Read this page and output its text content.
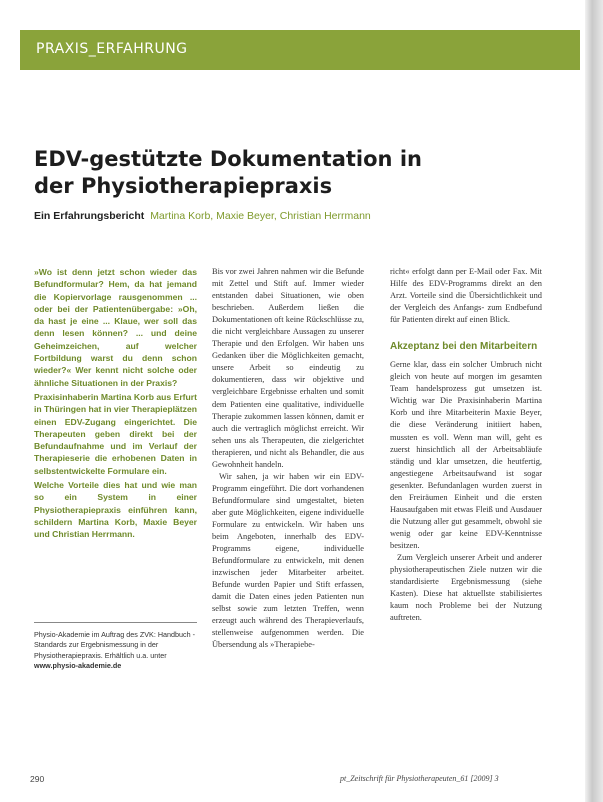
PRAXIS_ERFAHRUNG
EDV-gestützte Dokumentation in
der Physiotherapiepraxis
Ein Erfahrungsbericht Martina Korb, Maxie Beyer, Christian Herrmann

»Wo ist denn jetzt schon wieder das Befundformular? Hem, da hat jemand die Kopiervorlage rausgenommen ... oder bei der Patientenübergabe: »Oh, da hast je eine ... Klaue, wer soll das denn lesen können? ... und deine Geheimzeichen, auf welcher Fortbildung warst du denn schon wieder?« Wer kennt nicht solche oder ähnliche Situationen in der Praxis?

Praxisinhaberin Martina Korb aus Erfurt in Thüringen hat in vier Therapieplätzen einen EDV-Zugang eingerichtet. Die Therapeuten geben direkt bei der Befundaufnahme und im Verlauf der Therapieserie die erhobenen Daten in selbstentwickelte Formulare ein.

Welche Vorteile dies hat und wie man so ein System in einer Physiotherapiepraxis einführen kann, schildern Martina Korb, Maxie Beyer und Christian Herrmann.

Physio-Akademie im Auftrag des ZVK: Handbuch - Standards zur Ergebnismessung in der Physiotherapiepraxis. Erhältlich u.a. unter
www.physio-akademie.de

Bis vor zwei Jahren nahmen wir die Befunde mit Zettel und Stift auf. Immer wieder entstanden dabei Situationen, wie oben beschrieben. Außerdem ließen die Dokumentationen oft keine Rückschlüsse zu, die nicht vergleichbare Aussagen zu unserer Therapie und den Erfolgen. Wir haben uns Gedanken über die Möglichkeiten gemacht, unsere Arbeit so eindeutig zu dokumentieren, dass wir objektive und vergleichbare Ergebnisse erhalten und somit dem Patienten eine qualitative, individuelle Therapie zukommen lassen können, damit er auch die vertraglich möglichst erreicht. Wir sehen uns als Therapeuten, die zielgerichtet therapieren, und nicht als Behandler, die aus Gewohnheit handeln.

Wir sahen, ja wir haben wir ein EDV-Programm eingeführt. Die dort vorhandenen Befundformulare sind umgestaltet, bieten aber gute Möglichkeiten, eigene individuelle Formulare zu entwickeln. Wir haben uns beim Angeboten, innerhalb des EDV-Programms eigene, individuelle Befundformulare zu entwickeln, mit denen inzwischen jeder Mitarbeiter arbeitet. Befunde wurden Papier und Stift erfassen, damit die Daten eines jeden Patienten nun selbst sowie zum letzten Treffen, wenn erzeugt auch während des Therapieverlaufs, stellenweise aufgenommen werden. Die Übersendung als »Therapiebe-

richt« erfolgt dann per E-Mail oder Fax. Mit Hilfe des EDV-Programms direkt an den Arzt. Vorteile sind die Übersichtlichkeit und der Vergleich des Anfangs- zum Endbefund für Patienten direkt auf einen Blick.

Akzeptanz bei den Mitarbeitern

Gerne klar, dass ein solcher Umbruch nicht gleich von heute auf morgen im gesamten Team handelsprozess gut umsetzen ist. Wichtig war Die Praxisinhaberin Martina Korb und ihre Mitarbeiterin Maxie Beyer, die diese Veränderung initiiert haben, mussten es voll. Wenn man will, geht es zuerst hinsichtlich all der Arbeitsabläufe ständig und klar umsetzen, die heutfertig, angestiegene Arbeitsaufwand ist sogar gesenkter. Befundanlagen wurden zuerst in den Freiräumen Einheit und die ersten Hausaufgaben mit etwas Fleiß und Ausdauer die Nutzung aller gut gesammelt, obwohl sie wenig oder gar keine EDV-Kenntnisse besitzen.

Zum Vergleich unserer Arbeit und anderer physiotherapeutischen Ziele nutzen wir die standardisierte Ergebnismessung (siehe Kasten). Diese hat aktuellste stabilisiertes kaum noch Probleme bei der Nutzung auftreten.

290	pt_Zeitschrift für Physiotherapeuten_61 [2009] 3
